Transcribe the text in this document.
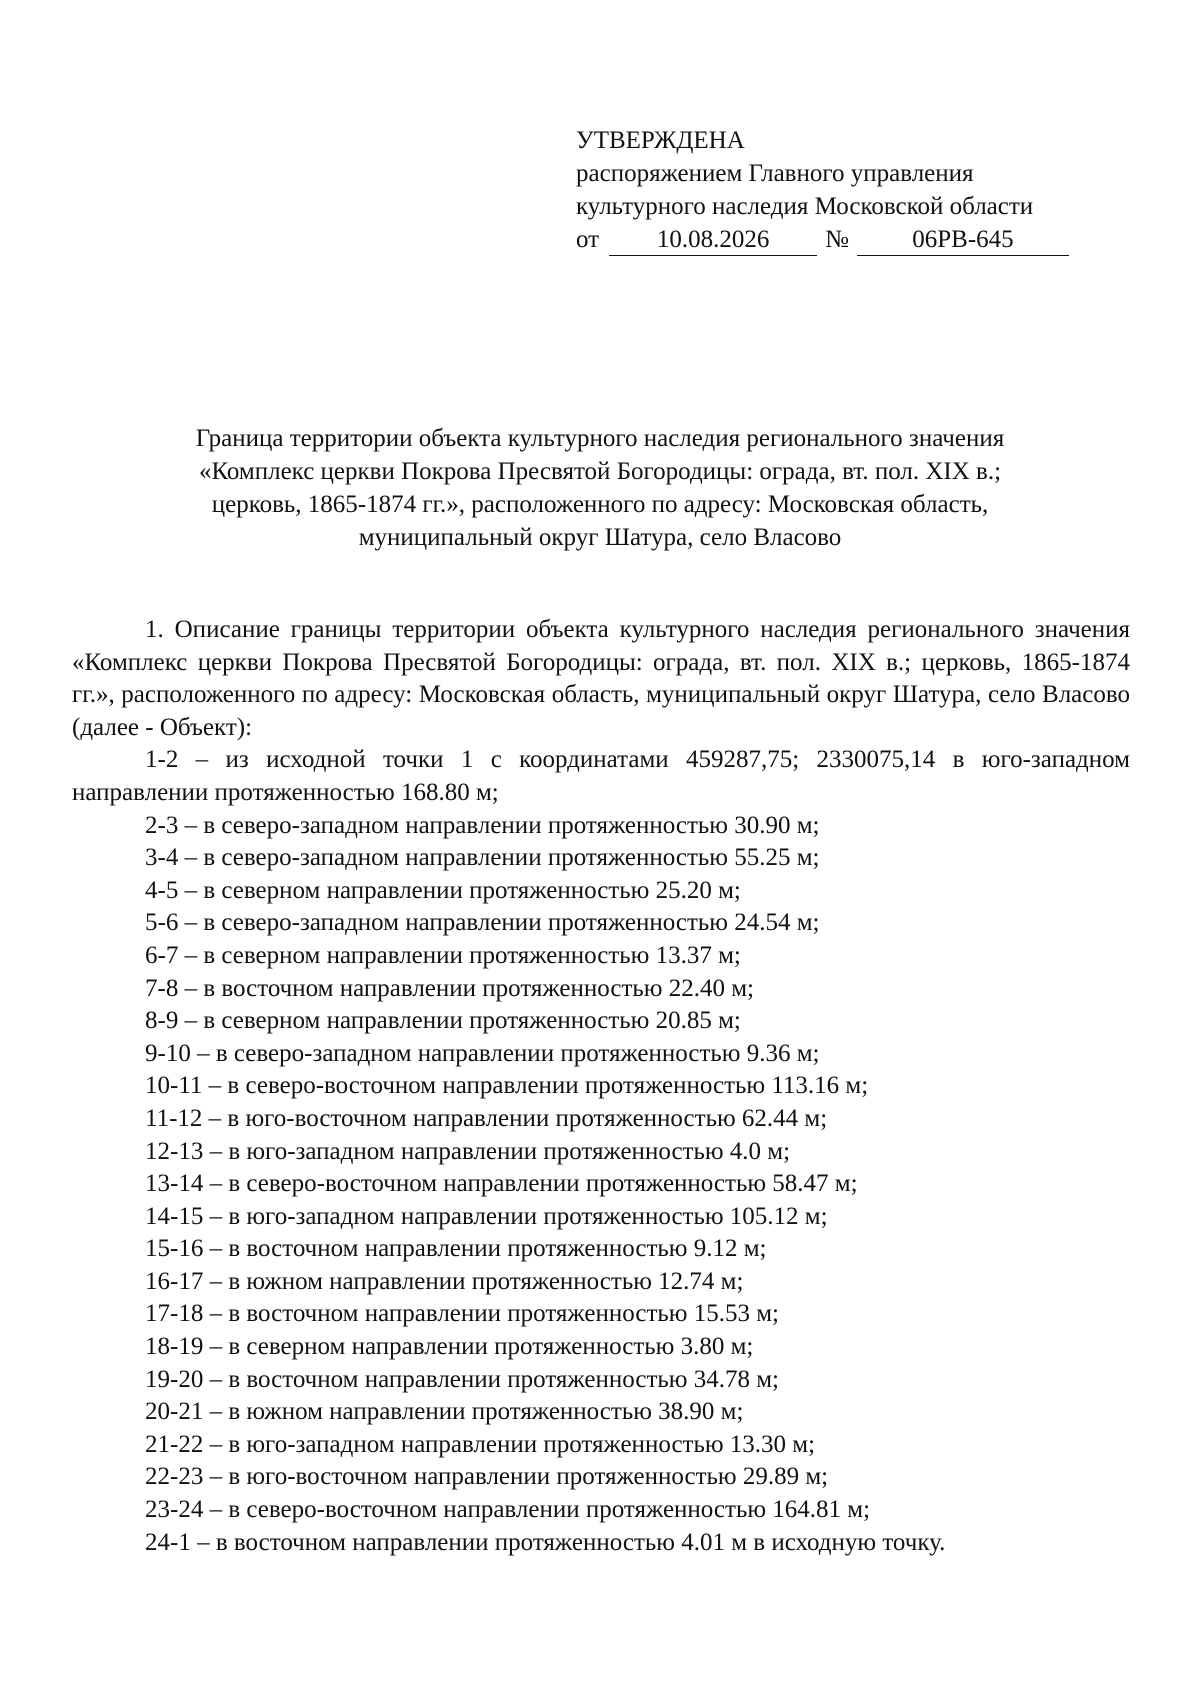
УТВЕРЖДЕНА
распоряжением Главного управления
культурного наследия Московской области
от	10.08.2026	№	06РВ-645
Граница территории объекта культурного наследия регионального значения
«Комплекс церкви Покрова Пресвятой Богородицы: ограда, вт. пол. XIX в.;
церковь, 1865-1874 гг.», расположенного по адресу: Московская область,
муниципальный округ Шатура, село Власово

1. Описание границы территории объекта культурного наследия регионального значения «Комплекс церкви Покрова Пресвятой Богородицы: ограда, вт. пол. XIX в.; церковь, 1865-1874 гг.», расположенного по адресу: Московская область, муниципальный округ Шатура, село Власово (далее - Объект):

1-2 – из исходной точки 1 с координатами 459287,75; 2330075,14 в юго-западном направлении протяженностью 168.80 м;

2-3 – в северо-западном направлении протяженностью 30.90 м;

3-4 – в северо-западном направлении протяженностью 55.25 м;

4-5 – в северном направлении протяженностью 25.20 м;

5-6 – в северо-западном направлении протяженностью 24.54 м;

6-7 – в северном направлении протяженностью 13.37 м;

7-8 – в восточном направлении протяженностью 22.40 м;

8-9 – в северном направлении протяженностью 20.85 м;

9-10 – в северо-западном направлении протяженностью 9.36 м;

10-11 – в северо-восточном направлении протяженностью 113.16 м;

11-12 – в юго-восточном направлении протяженностью 62.44 м;

12-13 – в юго-западном направлении протяженностью 4.0 м;

13-14 – в северо-восточном направлении протяженностью 58.47 м;

14-15 – в юго-западном направлении протяженностью 105.12 м;

15-16 – в восточном направлении протяженностью 9.12 м;

16-17 – в южном направлении протяженностью 12.74 м;

17-18 – в восточном направлении протяженностью 15.53 м;

18-19 – в северном направлении протяженностью 3.80 м;

19-20 – в восточном направлении протяженностью 34.78 м;

20-21 – в южном направлении протяженностью 38.90 м;

21-22 – в юго-западном направлении протяженностью 13.30 м;

22-23 – в юго-восточном направлении протяженностью 29.89 м;

23-24 – в северо-восточном направлении протяженностью 164.81 м;

24-1 – в восточном направлении протяженностью 4.01 м в исходную точку.
